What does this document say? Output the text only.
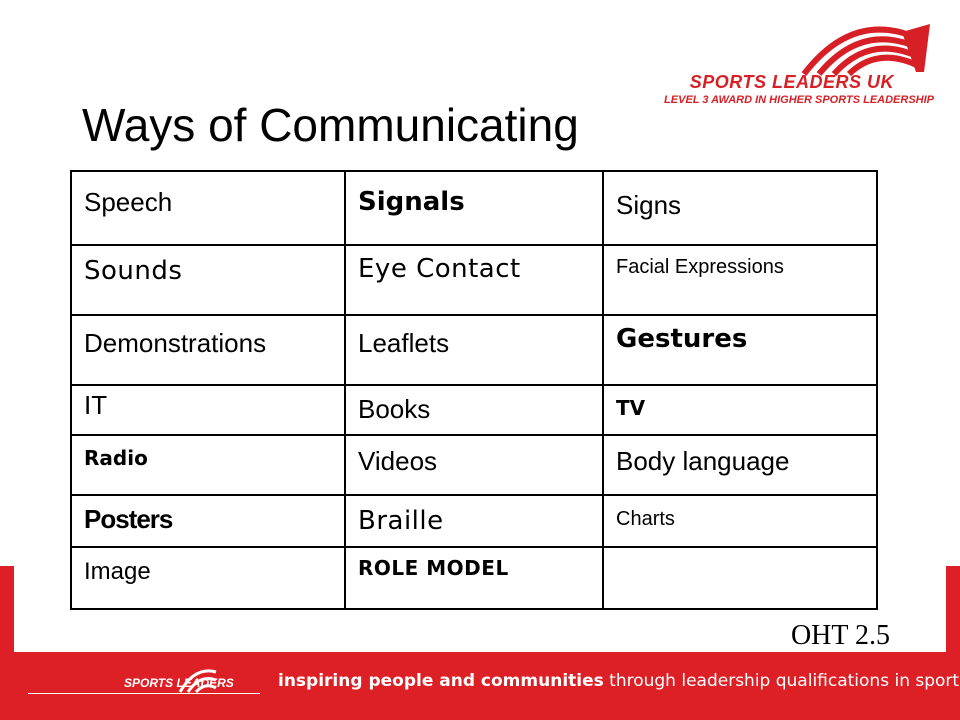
SPORTS LEADERS UK
LEVEL 3 AWARD IN HIGHER SPORTS LEADERSHIP
Ways of Communicating
Speech	Signals	Signs

Sounds	Eye Contact	Facial Expressions

Demonstrations	Leaflets	Gestures

IT	Books	TV

Radio	Videos	Body language

Posters	Braille	Charts

Image	ROLE MODEL	

OHT 2.5
SPORTS LEADERS	inspiring people and communities through leadership qualifications in sport
